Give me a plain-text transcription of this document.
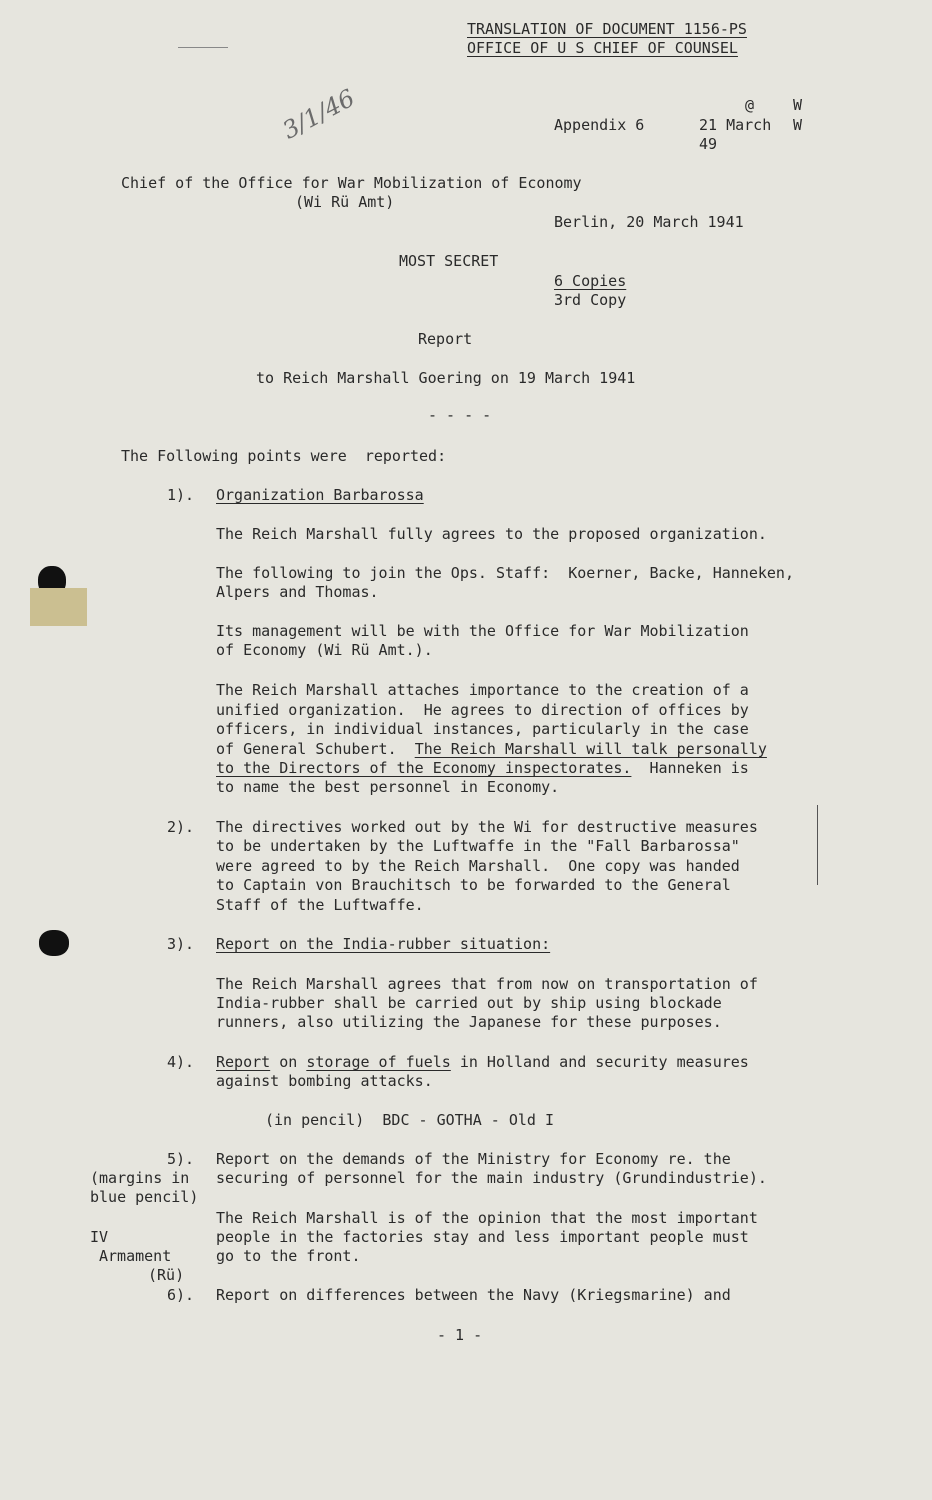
TRANSLATION OF DOCUMENT 1156-PS
OFFICE OF U S CHIEF OF COUNSEL
3/1/46	@	W
W
Appendix 6	21 March
49
Chief of the Office for War Mobilization of Economy
(Wi Rü Amt)
Berlin, 20 March 1941
MOST SECRET
6 Copies
3rd Copy
Report
to Reich Marshall Goering on 19 March 1941
- - - -
The Following points were  reported:
1). Organization Barbarossa
The Reich Marshall fully agrees to the proposed organization.
The following to join the Ops. Staff:  Koerner, Backe, Hanneken,
Alpers and Thomas.
Its management will be with the Office for War Mobilization
of Economy (Wi Rü Amt.).
The Reich Marshall attaches importance to the creation of a
unified organization.  He agrees to direction of offices by
officers, in individual instances, particularly in the case
of General Schubert. The Reich Marshall will talk personally
to the Directors of the Economy inspectorates.  Hanneken is
to name the best personnel in Economy.
2). The directives worked out by the Wi for destructive measures
to be undertaken by the Luftwaffe in the "Fall Barbarossa"
were agreed to by the Reich Marshall.  One copy was handed
to Captain von Brauchitsch to be forwarded to the General
Staff of the Luftwaffe.
3). Report on the India-rubber situation:
The Reich Marshall agrees that from now on transportation of
India-rubber shall be carried out by ship using blockade
runners, also utilizing the Japanese for these purposes.
4). Report on storage of fuels in Holland and security measures
against bombing attacks.
(in pencil)  BDC - GOTHA - Old I
5). Report on the demands of the Ministry for Economy re. the
securing of personnel for the main industry (Grundindustrie).
The Reich Marshall is of the opinion that the most important
people in the factories stay and less important people must
go to the front.
(margins in
blue pencil)
IV
Armament
(Rü)
6). Report on differences between the Navy (Kriegsmarine) and
- 1 -
